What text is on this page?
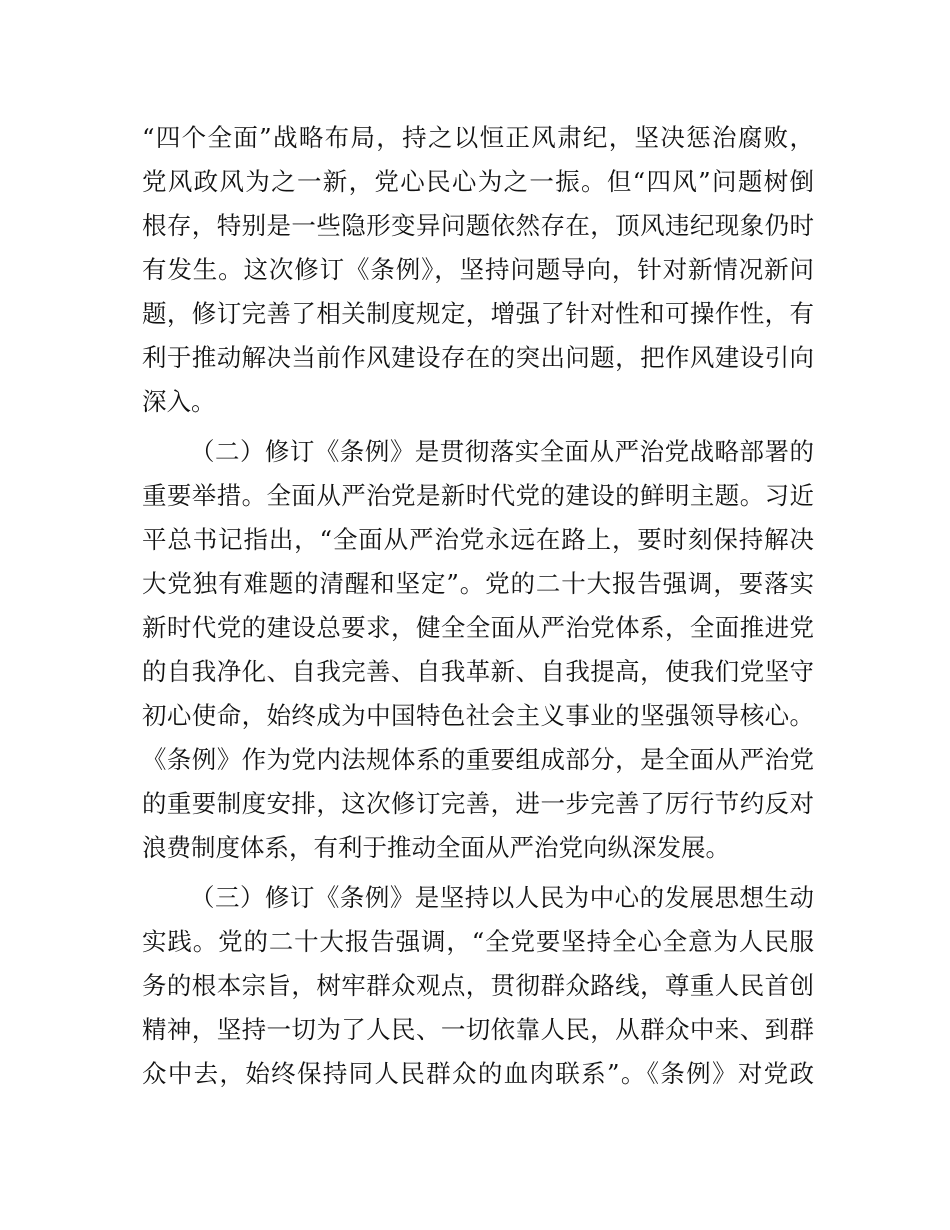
“四个全面”战略布局，持之以恒正风肃纪，坚决惩治腐败，
党风政风为之一新，党心民心为之一振。但“四风”问题树倒
根存，特别是一些隐形变异问题依然存在，顶风违纪现象仍时
有发生。这次修订《条例》，坚持问题导向，针对新情况新问
题，修订完善了相关制度规定，增强了针对性和可操作性，有
利于推动解决当前作风建设存在的突出问题，把作风建设引向
深入。
（二）修订《条例》是贯彻落实全面从严治党战略部署的
重要举措。全面从严治党是新时代党的建设的鲜明主题。习近
平总书记指出，“全面从严治党永远在路上，要时刻保持解决
大党独有难题的清醒和坚定”。党的二十大报告强调，要落实
新时代党的建设总要求，健全全面从严治党体系，全面推进党
的自我净化、自我完善、自我革新、自我提高，使我们党坚守
初心使命，始终成为中国特色社会主义事业的坚强领导核心。
《条例》作为党内法规体系的重要组成部分，是全面从严治党
的重要制度安排，这次修订完善，进一步完善了厉行节约反对
浪费制度体系，有利于推动全面从严治党向纵深发展。
（三）修订《条例》是坚持以人民为中心的发展思想生动
实践。党的二十大报告强调，“全党要坚持全心全意为人民服
务的根本宗旨，树牢群众观点，贯彻群众路线，尊重人民首创
精神，坚持一切为了人民、一切依靠人民，从群众中来、到群
众中去，始终保持同人民群众的血肉联系”。《条例》对党政
